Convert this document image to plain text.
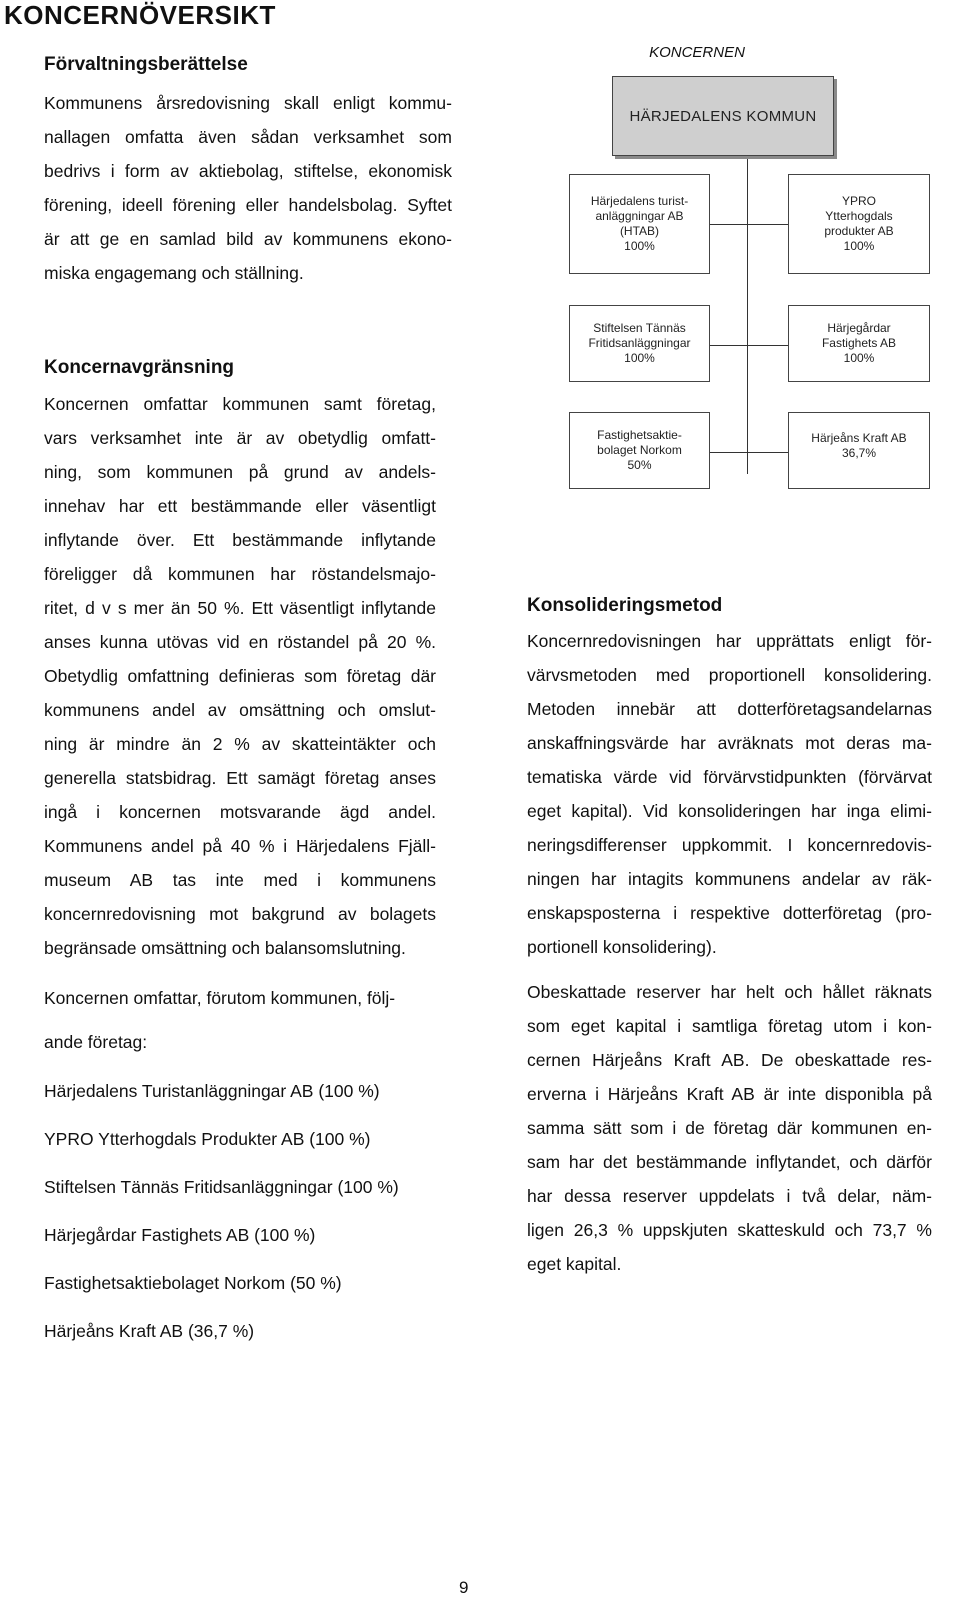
KONCERNÖVERSIKT
Förvaltningsberättelse
Kommunens årsredovisning skall enligt kommu-
nallagen omfatta även sådan verksamhet som
bedrivs i form av aktiebolag, stiftelse, ekonomisk
förening, ideell förening eller handelsbolag. Syftet
är att ge en samlad bild av kommunens ekono-
miska engagemang och ställning.
Koncernavgränsning
Koncernen omfattar kommunen samt företag,
vars verksamhet inte är av obetydlig omfatt-
ning, som kommunen på grund av andels-
innehav har ett bestämmande eller väsentligt
inflytande över. Ett bestämmande inflytande
föreligger då kommunen har röstandelsmajo-
ritet, d v s mer än 50 %. Ett väsentligt inflytande
anses kunna utövas vid en röstandel på 20 %.
Obetydlig omfattning definieras som företag där
kommunens andel av omsättning och omslut-
ning är mindre än 2 % av skatteintäkter och
generella statsbidrag. Ett samägt företag anses
ingå i koncernen motsvarande ägd andel.
Kommunens andel på 40 % i Härjedalens Fjäll-
museum AB tas inte med i kommunens
koncernredovisning mot bakgrund av bolagets
begränsade omsättning och balansomslutning.
Koncernen omfattar, förutom kommunen, följ-
ande företag:
Härjedalens Turistanläggningar AB (100 %)
YPRO Ytterhogdals Produkter AB (100 %)
Stiftelsen Tännäs Fritidsanläggningar (100 %)
Härjegårdar Fastighets AB (100 %)
Fastighetsaktiebolaget Norkom (50 %)
Härjeåns Kraft AB (36,7 %)
KONCERNEN
HÄRJEDALENS KOMMUN
Härjedalens turist-
anläggningar AB
(HTAB)
100%
YPRO
Ytterhogdals
produkter AB
100%
Stiftelsen Tännäs
Fritidsanläggningar
100%
Härjegårdar
Fastighets AB
100%
Fastighetsaktie-
bolaget Norkom
50%
Härjeåns Kraft AB
36,7%
Konsolideringsmetod
Koncernredovisningen har upprättats enligt för-
värvsmetoden med proportionell konsolidering.
Metoden innebär att dotterföretagsandelarnas
anskaffningsvärde har avräknats mot deras ma-
tematiska värde vid förvärvstidpunkten (förvärvat
eget kapital). Vid konsolideringen har inga elimi-
neringsdifferenser uppkommit. I koncernredovis-
ningen har intagits kommunens andelar av räk-
enskapsposterna i respektive dotterföretag (pro-
portionell konsolidering).
Obeskattade reserver har helt och hållet räknats
som eget kapital i samtliga företag utom i kon-
cernen Härjeåns Kraft AB. De obeskattade res-
erverna i Härjeåns Kraft AB är inte disponibla på
samma sätt som i de företag där kommunen en-
sam har det bestämmande inflytandet, och därför
har dessa reserver uppdelats i två delar, näm-
ligen 26,3 % uppskjuten skatteskuld och 73,7 %
eget kapital.
9
